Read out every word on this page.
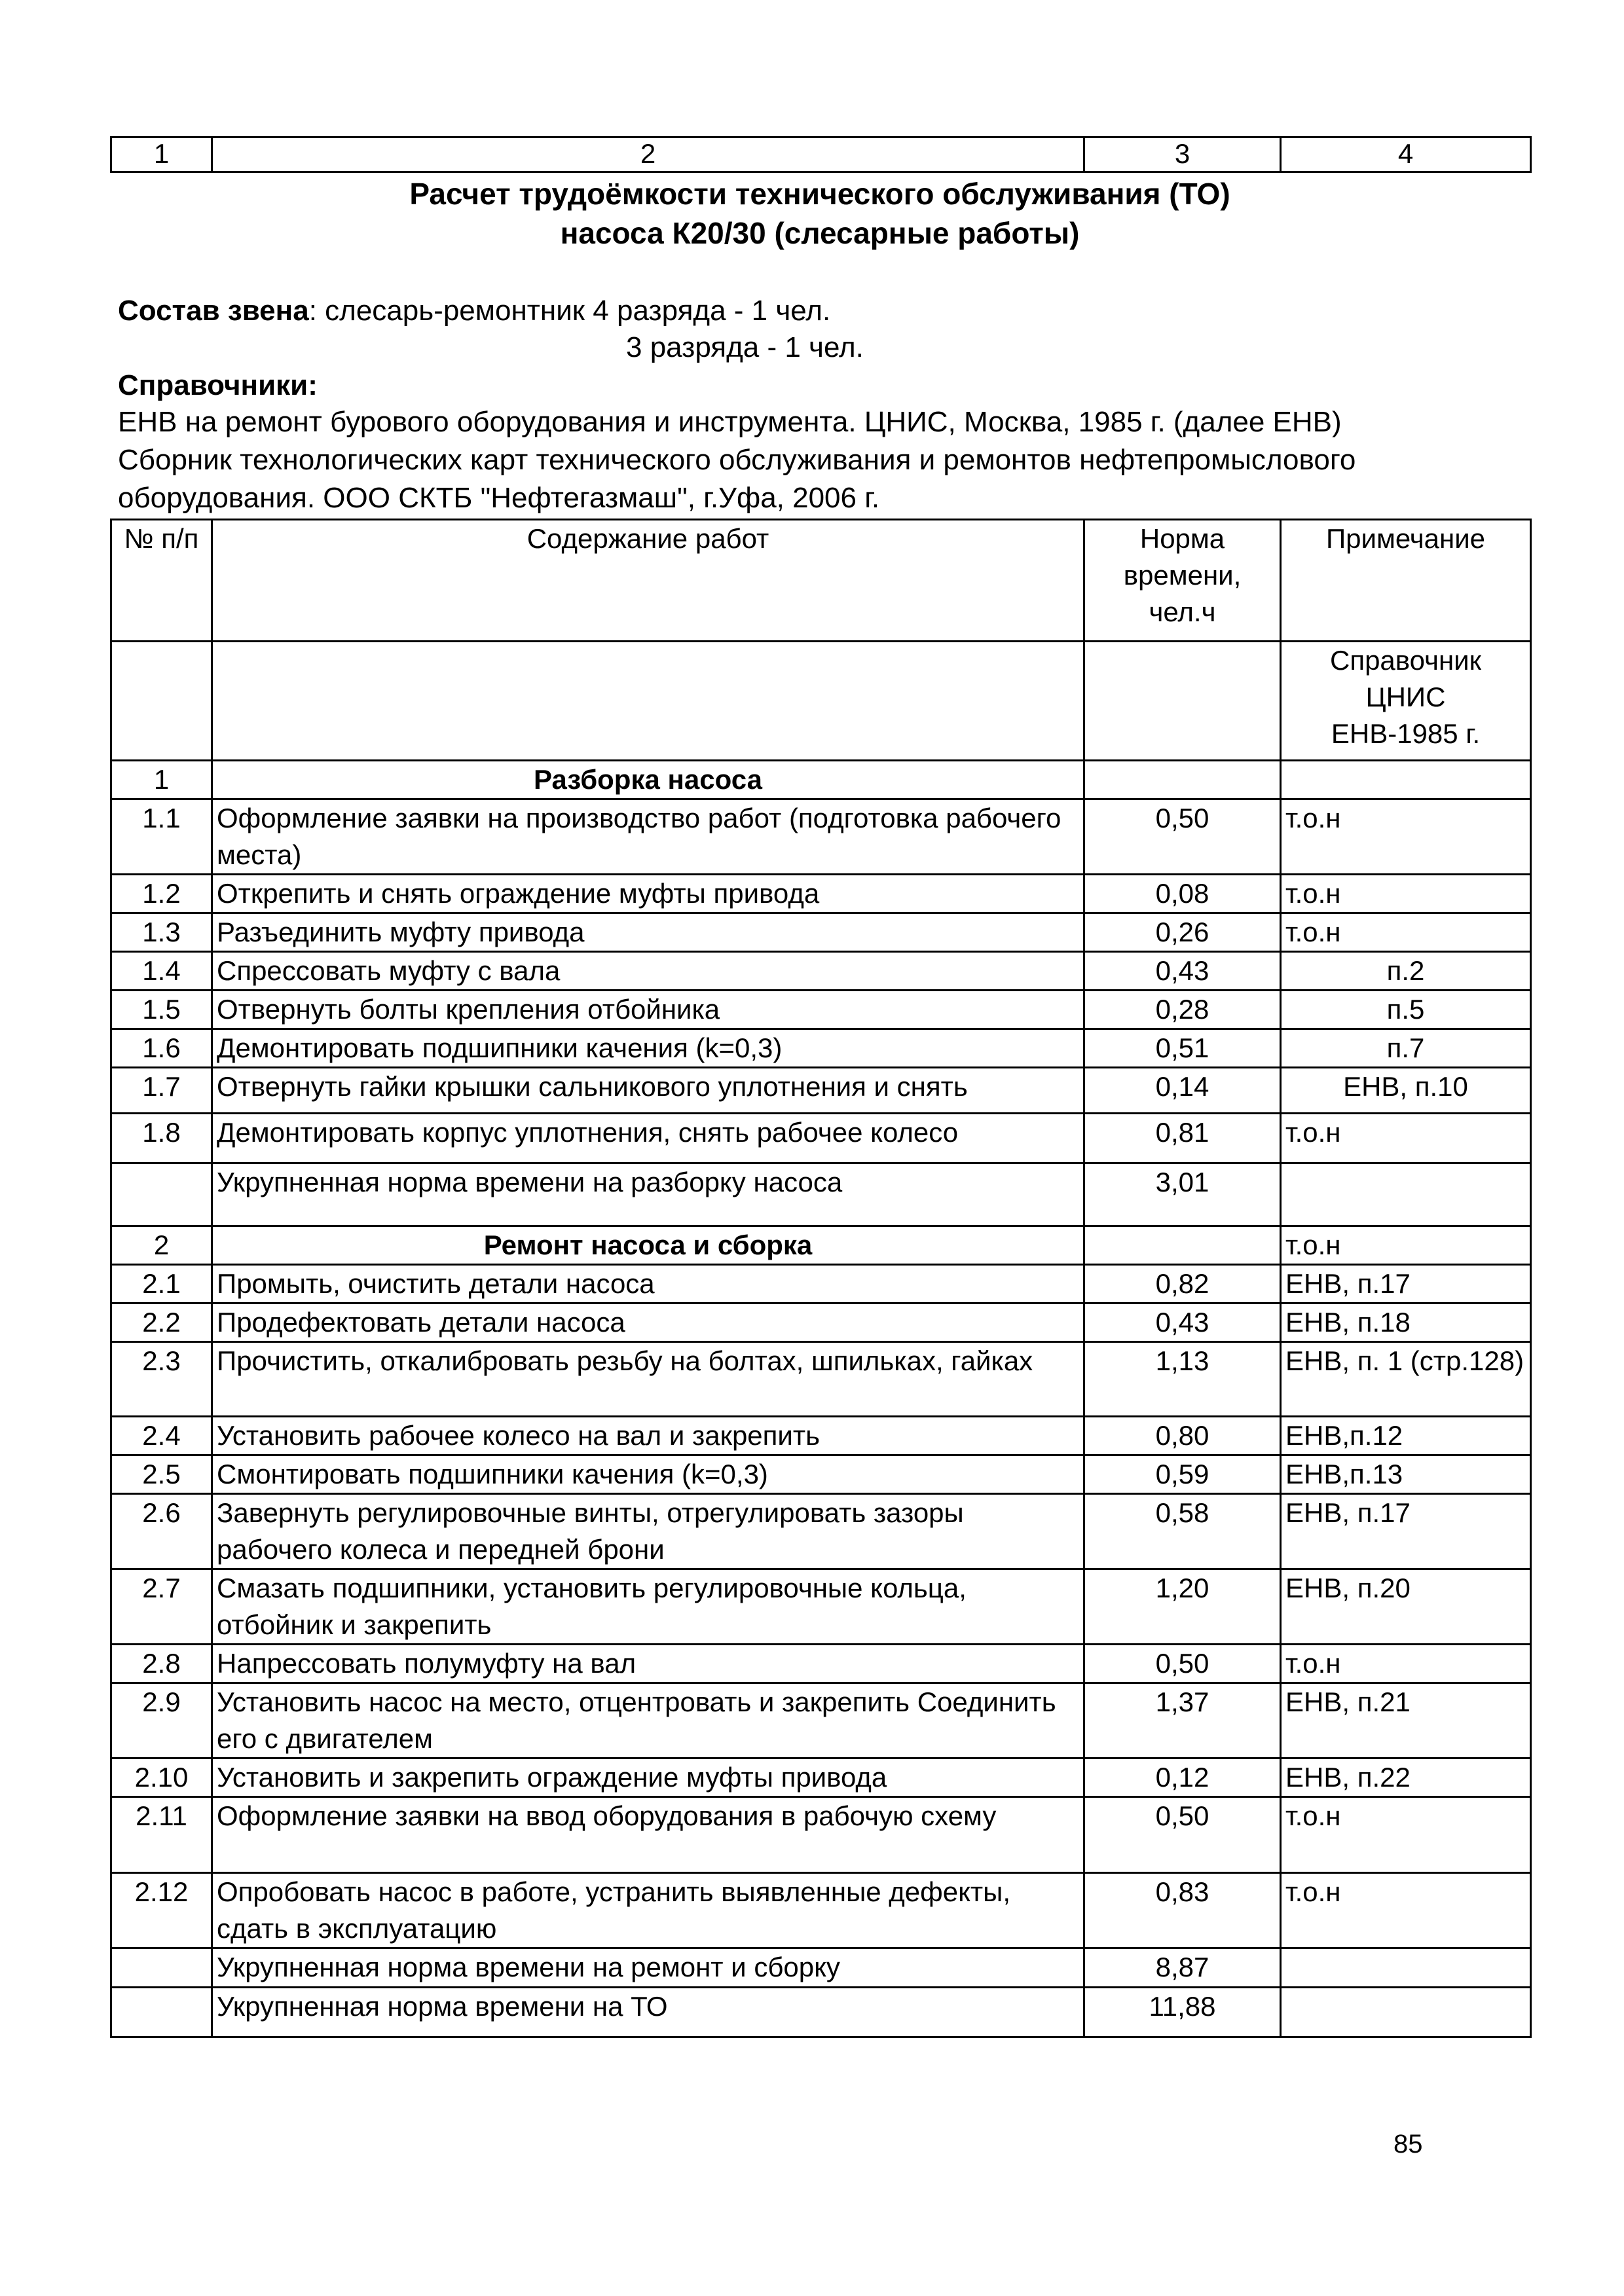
1	2	3	4
Расчет трудоёмкости технического обслуживания (ТО)
насоса К20/30 (слесарные работы)
Состав звена: слесарь-ремонтник 4 разряда - 1 чел.
3 разряда - 1 чел.
Справочники:
ЕНВ на ремонт бурового оборудования и инструмента. ЦНИС, Москва, 1985 г. (далее ЕНВ)
Сборник технологических карт технического обслуживания и ремонтов нефтепромыслового
оборудования. ООО СКТБ "Нефтегазмаш", г.Уфа, 2006 г.
№ п/п	Содержание работ	Норма
времени,
чел.ч	Примечание

			Справочник
ЦНИС
ЕНВ-1985 г.

1	Разборка насоса		
1.1	Оформление заявки на производство работ (подготовка рабочего места)	0,50	т.о.н
1.2	Открепить и снять ограждение муфты привода	0,08	т.о.н
1.3	Разъединить муфту привода	0,26	т.о.н
1.4	Спрессовать муфту с вала	0,43	п.2
1.5	Отвернуть болты крепления отбойника	0,28	п.5
1.6	Демонтировать подшипники качения (k=0,3)	0,51	п.7
1.7	Отвернуть гайки крышки сальникового уплотнения и снять	0,14	ЕНВ, п.10
1.8	Демонтировать корпус уплотнения, снять рабочее колесо	0,81	т.о.н
	Укрупненная норма времени на разборку насоса	3,01	
2	Ремонт насоса и сборка		т.о.н
2.1	Промыть, очистить детали насоса	0,82	ЕНВ, п.17
2.2	Продефектовать детали насоса	0,43	ЕНВ, п.18
2.3	Прочистить, откалибровать резьбу на болтах, шпильках, гайках	1,13	ЕНВ, п. 1 (стр.128)
2.4	Установить рабочее колесо на вал и закрепить	0,80	ЕНВ,п.12
2.5	Смонтировать подшипники качения (k=0,3)	0,59	ЕНВ,п.13
2.6	Завернуть регулировочные винты, отрегулировать зазоры рабочего колеса и передней брони	0,58	ЕНВ, п.17
2.7	Смазать подшипники, установить регулировочные кольца, отбойник и закрепить	1,20	ЕНВ, п.20
2.8	Напрессовать полумуфту на вал	0,50	т.о.н
2.9	Установить насос на место, отцентровать и закрепить Соединить его с двигателем	1,37	ЕНВ, п.21
2.10	Установить и закрепить ограждение муфты привода	0,12	ЕНВ, п.22
2.11	Оформление заявки на ввод оборудования в рабочую схему	0,50	т.о.н
2.12	Опробовать насос в работе, устранить выявленные дефекты, сдать в эксплуатацию	0,83	т.о.н
	Укрупненная норма времени на ремонт и сборку	8,87	
	Укрупненная норма времени на ТО	11,88	
85
